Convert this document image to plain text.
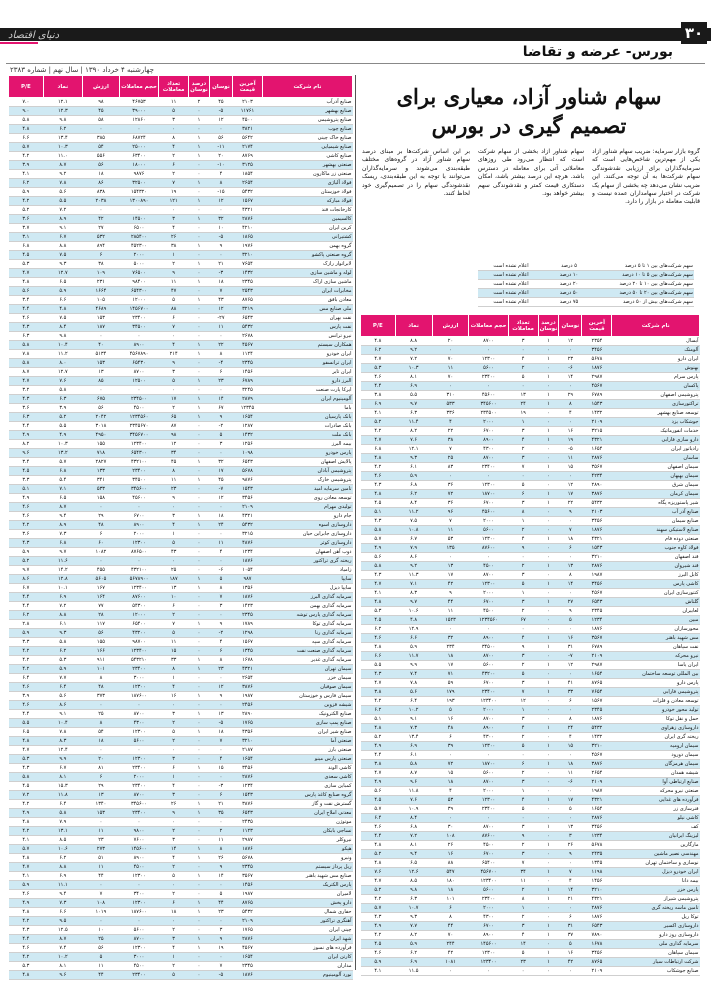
۳۰
دنیای اقتصاد
بورس- عرضه و تقاضا
چهارشنبه ۴ خرداد ۱۳۹۰ | سال نهم | شماره ۲۳۸۳
نام شرکت	آخرین قیمت	نوسان	درصد نوسان	تعداد معاملات	حجم معاملات	ارزش	نماد	P/E
صنایع آذرآب	۲۱۰۳	۴۵	۲	۱۱	۴۶۷۵۳	۹۸	۱۲.۱	۷.۰
صنایع بهشهر	۱۱۷۶۱	۵-	۰	۵	۳۹۰۰۰	۴۵	۱۲.۳	۹.۰
صنایع پتروشیمی	۴۵۰۰	۱۲	۱	۳	۱۲۸۶۰	۵۸	۹.۸	۵.۸
صنایع چوب	۳۸۲۱	۰	۰	۰	۰	۰	۶.۲	۴.۸
صنایع خاک چینی	۵۶۴۲	۵۶	۱	۸	۶۸۷۲۴	۳۸۵	۱۳.۴	۶.۶
صنایع شیمیایی	۲۱۷۴	۱۱-	۱	۴	۲۵۰۰۰	۵۴	۱۰.۳	۵.۷
صنایع کاشی	۸۷۶۹	۲۰	۱	۲	۶۳۴۰۰	۵۵۶	۱۱.۰	۴.۲
صنعتی بهشهر	۳۱۲۵	۱۰-	۰	۶	۱۸۰۰۰	۵۶	۸.۷	۳.۹
صنعتی زر ماکارون	۱۸۵۴	۴	۰	۲	۹۸۷۶	۱۸	۹.۲	۴.۱
فولاد آلیاژی	۲۶۵۴	۸	۱	۷	۳۲۵۰۰	۸۶	۷.۸	۶.۲
فولاد خوزستان	۵۴۳۲	۱۵-	۰	۱۹	۱۵۴۳۲۰	۸۳۸	۵.۶	۵.۹
فولاد مبارکه	۱۵۶۷	۱۲	۱	۱۲۱	۱۳۰۰۸۹۰	۲۰۳۸	۵.۵	۴.۲
کارخانجات قند	۴۳۲۱	۰	۰	۰	۰	۰	۷.۲	۵.۲
کالسیمین	۲۸۷۶	۳۲	۱	۳	۱۴۵۰۰	۴۲	۸.۹	۳.۶
کربن ایران	۴۲۱۰	۱۰	۰	۴	۶۵۰۰	۲۷	۹.۱	۳.۷
کشتیرانی	۱۸۶۵	۵-	۰	۲۶	۲۸۵۴۰۰	۵۳۲	۶.۷	۳.۱
گروه بهمن	۱۹۷۶	۹	۱	۳۸	۴۵۲۳۰۰	۸۹۴	۸.۸	۶.۸
گروه صنعتی پاکشو	۳۲۱۰	۰	۰	۱	۲۰۰۰	۶	۷.۵	۴.۵
لابراتوار رازک	۷۶۵۴	۲۱	۱	۲	۵۰۰۰	۳۸	۹.۳	۵.۳
لوله و ماشین سازی	۱۴۳۲	۳-	۰	۹	۷۶۵۰۰	۱۰۹	۱۲.۷	۴.۷
ماشین سازی اراک	۲۳۴۵	۱۸	۱	۱۱	۹۸۴۰۰	۲۳۱	۶.۵	۴.۸
مخابرات ایران	۲۵۴۳	۷	۰	۴۷	۶۵۴۳۰۰	۱۶۶۴	۵.۹	۵.۶
معادن بافق	۸۷۶۵	۴۳	۱	۵	۱۲۰۰۰	۱۰۵	۶.۶	۳.۴
ملی صنایع مس	۳۲۱۹	۱۲	۰	۸۸	۱۴۵۶۷۰۰	۴۶۸۹	۴.۸	۴.۴
نفت بهران	۶۵۴۳	۲۷-	۰	۶	۲۳۴۰۰	۱۵۳	۷.۵	۴.۶
نفت پارس	۵۴۳۲	۱۱	۰	۷	۳۴۵۰۰	۱۸۷	۸.۴	۴.۳
نیرو ترانس	۲۶۷۸	۰	۰	۰	۰	۰	۹.۸	۶.۳
همکاران سیستم	۴۵۶۷	۲۲	۱	۴	۸۹۰۰	۴۰	۱۰.۴	۵.۸
ایران خودرو	۱۱۲۴	۸	۱	۲۱۴	۴۵۶۷۸۹۰	۵۱۳۴	۱۱.۲	۷.۸
ایران ترانسفو	۲۳۴۵	۴-	۰	۹	۶۵۴۳۰	۱۵۳	۸.۰	۵.۸
ایران تایر	۱۴۵۶	۶	۰	۳	۸۷۰۰	۱۳	۱۲.۷	۸.۷
البرز دارو	۶۷۸۹	۲۳	۱	۵	۱۲۵۰۰	۸۵	۷.۶	۴.۷
ایرکا پارت صنعت	۳۲۴۵	۰	۰	۰	۰	۰	۵.۸	۳.۲
آلومینیوم ایران	۲۸۷۹	۱۴	۱	۱۷	۲۳۴۵۰۰	۶۷۵	۶.۳	۴.۳
باما	۱۲۳۴۵	۶۷	۱	۲	۴۵۰۰	۵۶	۳.۹	۳.۶
بانک پارسیان	۱۶۵۴	۹	۱	۶۵	۱۲۳۴۵۶۰	۲۰۴۲	۵.۲	۶.۳
بانک صادرات	۱۲۸۷	۲-	۰	۸۷	۲۳۴۵۶۷۰	۳۰۱۸	۵.۵	۴.۴
بانک ملت	۱۴۳۲	۵	۰	۹۸	۳۴۵۶۷۰۰	۴۹۵۰	۴.۹	۴.۹
بیمه البرز	۱۲۵۶	۳	۰	۱۲	۱۲۳۴۰۰	۱۵۵	۱۰.۳	۸.۲
پارس خودرو	۱۰۹۸	۰	۰	۳۴	۶۵۴۳۰۰	۷۱۸	۱۳.۲	۹.۶
پالایش اصفهان	۶۵۴۳	۳۲	۱	۴۵	۴۳۲۱۰۰	۲۸۲۷	۵.۷	۳.۴
پتروشیمی آبادان	۵۶۷۸	۱۷	۰	۸	۲۳۴۰۰	۱۳۳	۶.۸	۴.۵
پتروشیمی خارک	۹۸۷۶	۴۵	۱	۱۱	۳۴۵۰۰	۳۴۱	۵.۴	۳.۳
تامین سرمایه امید	۱۵۴۳	۷-	۰	۲۳	۳۴۵۶۰۰	۵۳۳	۷.۱	۵.۱
توسعه معادن روی	۳۴۵۶	۱۲	۰	۹	۴۵۶۰۰	۱۵۸	۶.۵	۴.۹
تولیدی مهرام	۲۱۰۹	۰	۰	۰	۰	۰	۸.۷	۴.۶
جام دارو	۴۳۲۱	۱۸	۱	۳	۶۷۰۰	۲۹	۹.۴	۴.۶
داروسازی اسوه	۵۴۳۲	۲۴	۱	۴	۸۹۰۰	۴۸	۸.۹	۴.۲
داروسازی جابرابن حیان	۳۲۱۵	۰	۰	۱	۲۰۰۰	۶	۷.۳	۳.۶
داروسازی کوثر	۴۸۷۶	۱۱	۰	۵	۱۲۳۰۰	۶۰	۶.۸	۴.۳
ذوب آهن اصفهان	۱۲۳۴	۴	۰	۴۳	۸۷۶۵۰۰	۱۰۸۲	۹.۷	۵.۹
ریخته گری تراکتور	۱۸۷۶	۰	۰	۰	۰	۰	۱۱.۶	۵.۲
زامیاد	۱۰۵۴	۶-	۰	۲۵	۴۳۲۱۰۰	۴۵۵	۱۴.۲	۹.۷
سایپا	۹۸۷	۵	۱	۱۸۷	۵۶۷۸۹۰۰	۵۶۰۵	۱۲.۸	۸.۶
سایپا دیزل	۱۳۵۶	۸	۱	۱۳	۱۲۳۴۰۰	۱۶۷	۱۰.۱	۶.۷
سرمایه گذاری البرز	۱۸۷۶	۷	۰	۱۰	۸۷۶۰۰	۱۶۴	۶.۹	۴.۴
سرمایه گذاری بهمن	۱۴۲۳	۳	۰	۶	۵۴۳۰۰	۷۷	۷.۲	۴.۴
سرمایه گذاری پارس توشه	۲۳۴۵	۰	۰	۲	۱۲۰۰۰	۲۸	۸.۸	۶.۲
سرمایه گذاری توکا	۱۷۸۹	۹	۱	۷	۶۵۴۰۰	۱۱۷	۶.۱	۲.۸
سرمایه گذاری رنا	۱۲۹۸	۲-	۰	۵	۴۳۲۰۰	۵۶	۹.۳	۵.۹
سرمایه گذاری سپه	۱۵۶۷	۴	۰	۱۱	۹۸۷۰۰	۱۵۵	۵.۸	۳.۳
سرمایه گذاری صنعت نفت	۱۳۴۵	۶	۰	۱۵	۱۲۳۴۰۰	۱۶۶	۶.۲	۴.۲
سرمایه گذاری غدیر	۱۶۷۸	۸	۱	۳۳	۵۴۳۲۱۰	۹۱۱	۵.۳	۴.۲
سیمان تهران	۴۳۲۱	۲۳	۱	۸	۲۳۴۰۰	۱۰۱	۵.۹	۴.۲
سیمان خزر	۲۶۵۴	۰	۰	۱	۳۰۰۰	۸	۷.۷	۶.۴
سیمان صوفیان	۳۸۷۶	۱۲	۰	۴	۱۲۳۰۰	۴۸	۶.۴	۴.۶
سیمان فارس و خوزستان	۱۹۸۷	۹	۱	۱۶	۱۸۷۶۰۰	۳۷۳	۵.۶	۳.۹
شیشه قزوین	۲۴۵۶	۰	۰	۰	۰	۰	۸.۶	۴.۶
صنایع الکترونیک	۲۸۹۰	۱۳	۱	۳	۸۷۰۰	۲۵	۹.۱	۴.۴
صنایع پمپ سازی	۱۷۶۵	۵-	۰	۲	۴۳۰۰	۸	۱۰.۴	۵.۵
صنایع شیر ایران	۴۳۵۶	۱۸	۱	۵	۱۲۳۰۰	۵۴	۷.۸	۶.۵
صنعتی آما	۳۲۱۰	۷	۰	۲	۵۶۰۰	۱۸	۸.۳	۴.۸
صنعتی بارز	۲۱۸۷	۰	۰	۰	۰	۰	۱۲.۴	۴.۷
صنعتی پارس مینو	۱۶۵۴	۴	۰	۳	۱۲۳۰۰	۲۰	۹.۹	۵.۳
کاشی الوند	۳۴۵۶	۱۵	۱	۶	۲۳۴۰۰	۸۱	۶.۷	۴.۳
کاشی سعدی	۲۸۷۶	۰	۰	۱	۲۰۰۰	۶	۸.۱	۵.۸
کمباین سازی	۱۲۳۴	۳-	۰	۴	۲۳۴۰۰	۲۹	۱۵.۳	۴.۵
گروه صنایع کاغذ پارس	۱۵۴۳	۶	۰	۳	۸۷۰۰	۱۳	۱۱.۸	۷.۲
گسترش نفت و گاز	۳۸۷۶	۲۱	۱	۲۶	۳۴۵۶۰۰	۱۳۴۰	۶.۴	۴.۲
معدنی املاح ایران	۶۵۴۳	۳۵	۱	۹	۲۳۴۰۰	۱۵۳	۵.۸	۴.۹
موتوژن	۲۴۳۵	۰	۰	۰	۰	۰	۷.۹	۴.۸
نساجی بابکان	۱۱۲۳	۲	۰	۲	۹۸۰۰	۱۱	۱۳.۱	۴.۲
نیروکلر	۲۹۸۷	۱۱	۰	۳	۷۶۰۰	۲۳	۸.۵	۴.۱
هپکو	۱۸۷۶	۸	۱	۱۴	۱۴۵۶۰۰	۲۷۳	۱۰.۶	۵.۷
ونیرو	۵۶۷۸	۲۶	۱	۴	۸۹۰۰	۵۱	۶.۲	۴.۸
ریل پرداز سیستم	۲۳۴۵	۹	۰	۲	۴۵۰۰	۱۱	۸.۸	۴.۷
صنایع مس شهید باهنر	۳۵۶۷	۱۴	۱	۵	۱۲۳۰۰	۴۴	۶.۹	۴.۱
پارس الکتریک	۱۴۵۶	۰	۰	۰	۰	۰	۱۱.۱	۵.۹
لامیران	۱۹۸۷	۵	۰	۲	۳۴۰۰	۷	۹.۴	۴.۶
دارو پخش	۸۷۶۵	۴۴	۱	۶	۱۲۳۰۰	۱۰۸	۷.۳	۴.۹
حفاری شمال	۵۴۳۲	۲۳	۱	۱۸	۱۸۷۶۰۰	۱۰۱۹	۶.۶	۴.۸
آهنگری تراکتور	۲۱۰۹	۰	۰	۰	۰	۰	۹.۵	۴.۲
چینی ایران	۱۷۶۵	۳	۰	۲	۵۶۰۰	۱۰	۱۲.۵	۴.۳
شهد ایران	۲۸۷۶	۹	۱	۳	۸۷۰۰	۲۵	۸.۷	۴.۴
فرآورده های نسوز	۴۵۶۷	۱۹	۱	۴	۱۲۳۰۰	۵۶	۷.۴	۴.۶
کارتن ایران	۱۶۵۴	۰	۰	۱	۳۰۰۰	۵	۱۰.۲	۴.۲
مداران	۲۳۴۵	۷	۰	۲	۴۵۰۰	۱۱	۸.۱	۵.۳
نورد آلومینیوم	۱۸۷۶	۵-	۰	۵	۲۳۴۰۰	۴۴	۹.۶	۴.۸
سهام شناور آزاد، معیاری برای
تصمیم گیری در بورس
گروه بازار سرمایه: ضریب سهام شناور آزاد یکی از مهم‌ترین شاخص‌هایی است که سرمایه‌گذاران برای ارزیابی نقدشوندگی سهام شرکت‌ها به آن توجه می‌کنند. این ضریب نشان می‌دهد چه بخشی از سهام یک شرکت در اختیار سهامداران عمده نیست و قابلیت معامله در بازار را دارد.
سهام شناور آزاد بخشی از سهام شرکت است که انتظار می‌رود طی روزهای معاملاتی آتی برای معامله در دسترس باشد. هرچه این درصد بیشتر باشد، امکان دستکاری قیمت کمتر و نقدشوندگی سهم بیشتر خواهد بود.
بر این اساس شرکت‌ها بر مبنای درصد سهام شناور آزاد در گروه‌های مختلف طبقه‌بندی می‌شوند و سرمایه‌گذاران می‌توانند با توجه به این طبقه‌بندی، ریسک نقدشوندگی سهام را در تصمیم‌گیری خود لحاظ کنند.
سهم شرکت‌های بین ۱ تا ۵ درصد	۵ درصد	اعلام نشده است
سهم شرکت‌های بین ۵ تا ۱۰ درصد	۱۰ درصد	اعلام نشده است
سهم شرکت‌های بین ۱۰ تا ۲۰ درصد	۲۰ درصد	اعلام نشده است
سهم شرکت‌های بین ۲۰ تا ۵۰ درصد	۵۰ درصد	اعلام نشده است
سهم شرکت‌های بیش از ۵۰ درصد	۷۵ درصد	اعلام نشده است
نام شرکت	آخرین قیمت	نوسان	درصد نوسان	تعداد معاملات	حجم معاملات	ارزش	نماد	P/E
آبسال	۲۳۵۴	۱۲	۱	۳	۸۷۰۰	۲۰	۸.۸	۴.۸
آلومتک	۳۴۵۶	۰	۰	۰	۰	۰	۹.۲	۶.۲
ایران دارو	۵۶۷۸	۲۳	۱	۴	۱۲۳۰۰	۷۰	۷.۲	۴.۷
بهنوش	۱۸۷۶	۶-	۰	۲	۵۶۰۰	۱۱	۱۰.۳	۵.۳
پارس سرام	۲۹۸۷	۱۴	۱	۵	۲۳۴۰۰	۷۰	۸.۱	۴.۶
پاکسان	۴۵۶۷	۰	۰	۰	۰	۰	۶.۹	۴.۴
پتروشیمی اصفهان	۶۷۸۹	۲۹	۱	۱۳	۴۵۶۰۰	۳۱۰	۵.۵	۳.۸
تراکتورسازی	۱۵۴۳	۸	۱	۲۴	۳۴۵۶۰۰	۵۳۳	۹.۷	۶.۹
توسعه صنایع بهشهر	۱۴۳۲	۴	۰	۱۹	۲۳۴۵۰۰	۳۳۶	۶.۳	۴.۱
جوشکاب یزد	۲۱۰۹	۰	۰	۱	۲۰۰۰	۴	۱۱.۴	۵.۲
خدمات انفورماتیک	۳۲۱۵	۱۶	۱	۳	۶۷۰۰	۲۲	۸.۲	۴.۲
دارو سازی فارابی	۴۳۲۱	۱۹	۱	۴	۸۹۰۰	۳۸	۷.۶	۴.۷
رادیاتور ایران	۱۶۵۴	۵-	۰	۲	۴۳۰۰	۷	۱۲.۱	۶.۸
ساسان	۲۸۷۶	۱۱	۰	۳	۸۷۰۰	۲۵	۹.۳	۴.۸
سیمان اصفهان	۳۵۶۷	۱۵	۱	۷	۲۳۴۰۰	۸۳	۶.۱	۴.۲
سیمان بهبهان	۴۲۳۴	۰	۰	۰	۰	۰	۵.۹	۴.۶
سیمان شرق	۲۸۹۰	۱۲	۰	۵	۱۲۳۰۰	۳۶	۶.۸	۴.۳
سیمان کرمان	۳۸۷۶	۱۷	۱	۶	۱۸۷۰۰	۷۲	۶.۲	۴.۸
شیر پاستوریزه پگاه	۵۴۳۲	۲۲	۱	۳	۶۷۰۰	۳۶	۸.۴	۴.۵
صنایع آذر آب	۲۱۰۳	۹	۰	۸	۴۵۶۰۰	۹۶	۱۱.۲	۵.۱
صنایع سیمان	۳۴۵۶	۰	۰	۱	۲۰۰۰	۷	۷.۵	۴.۳
صنایع لاستیکی سهند	۱۸۷۶	۷	۰	۲	۵۶۰۰	۱۱	۱۰.۸	۵.۸
صنعتی دوده فام	۴۳۲۱	۱۸	۱	۴	۱۲۳۰۰	۵۳	۶.۷	۵.۷
فولاد کاوه جنوب	۱۵۴۳	۶	۰	۹	۸۷۶۰۰	۱۳۵	۷.۹	۴.۹
قند اصفهان	۳۲۱۰	۰	۰	۰	۰	۰	۸.۶	۵.۶
قند شیروان	۲۸۷۶	۱۳	۱	۲	۴۵۰۰	۱۳	۹.۲	۵.۸
کابل البرز	۱۹۸۷	۸	۰	۳	۸۷۰۰	۱۷	۱۱.۳	۴.۳
کاشی پارس	۳۴۵۶	۱۴	۱	۵	۱۲۳۰۰	۴۲	۷.۱	۴.۷
کنتورسازی ایران	۴۵۶۷	۰	۰	۱	۲۰۰۰	۹	۸.۳	۴.۱
گلتاش	۶۵۴۳	۲۷	۱	۳	۶۷۰۰	۴۴	۹.۷	۴.۸
لعابیران	۲۳۴۵	۹	۰	۲	۴۵۰۰	۱۱	۱۰.۶	۵.۳
مبین	۱۲۳۴	۵	۰	۶۷	۱۲۳۴۵۶۰	۱۵۲۳	۴.۸	۴.۵
محورسازان	۱۸۷۶	۰	۰	۰	۰	۰	۱۲.۹	۶.۲
مس شهید باهنر	۳۵۶۷	۱۶	۱	۴	۸۹۰۰	۳۲	۶.۶	۴.۶
نفت سپاهان	۶۷۸۹	۳۱	۱	۹	۳۴۵۰۰	۲۳۴	۵.۹	۴.۸
نیرو محرکه	۲۱۰۹	۷-	۰	۳	۸۷۰۰	۱۸	۱۱.۷	۶.۶
ایران یاسا	۲۹۸۷	۱۲	۱	۲	۵۶۰۰	۱۷	۹.۹	۵.۵
بین المللی توسعه ساختمان	۱۶۵۴	۰	۰	۵	۴۳۲۰۰	۷۱	۷.۴	۴.۳
پارس دارو	۸۷۶۵	۴۱	۱	۳	۶۷۰۰	۵۹	۷.۸	۴.۷
پتروشیمی فارابی	۷۶۵۴	۳۳	۱	۷	۲۳۴۰۰	۱۷۹	۵.۶	۳.۸
توسعه معادن و فلزات	۱۵۶۷	۶	۰	۱۲	۱۲۳۴۰۰	۱۹۳	۶.۴	۴.۲
تولید محور خودرو	۲۳۴۵	۰	۰	۱	۲۰۰۰	۵	۱۰.۲	۶.۲
حمل و نقل توکا	۱۸۷۶	۸	۰	۳	۸۷۰۰	۱۶	۹.۱	۵.۱
داروسازی زهراوی	۵۴۳۲	۲۴	۱	۴	۸۹۰۰	۴۸	۷.۳	۴.۸
ریخته گری ایران	۱۴۳۲	۴	۰	۲	۴۳۰۰	۶	۱۳.۴	۵.۲
سیمان ارومیه	۳۲۱۰	۱۵	۱	۵	۱۲۳۰۰	۳۹	۶.۹	۴.۹
سیمان دورود	۴۵۶۷	۰	۰	۰	۰	۰	۶.۱	۴.۴
سیمان هرمزگان	۳۸۷۶	۱۸	۱	۶	۱۸۷۰۰	۷۲	۵.۸	۳.۸
شیشه همدان	۲۶۵۴	۱۱	۰	۲	۵۶۰۰	۱۵	۸.۷	۴.۷
صنایع ارتباطی آوا	۲۱۰۹	۶-	۰	۳	۸۷۰۰	۱۸	۹.۶	۴.۹
صنعتی نیرو محرکه	۱۹۸۷	۰	۰	۱	۲۰۰۰	۴	۱۱.۸	۵.۶
فرآورده های غذایی	۴۳۲۱	۱۷	۱	۴	۱۲۳۰۰	۵۳	۷.۶	۴.۵
فنرسازی زر	۱۶۵۴	۵	۰	۵	۲۳۴۰۰	۳۹	۱۰.۹	۵.۷
کاشی نیلو	۲۸۷۶	۰	۰	۰	۰	۰	۸.۴	۶.۴
کف	۳۴۵۶	۱۳	۱	۳	۸۷۰۰	۳۰	۶.۸	۴.۶
لیزینگ ایرانیان	۱۲۳۴	۳	۰	۹	۸۷۶۰۰	۱۰۸	۷.۲	۴.۴
مارگارین	۵۶۷۸	۲۶	۱	۲	۴۵۰۰	۲۶	۸.۱	۴.۸
مهندسی نصیر ماشین	۲۴۳۵	۹	۰	۳	۶۷۰۰	۱۶	۹.۴	۵.۲
نوسازی و ساختمان تهران	۱۳۴۵	۰	۰	۷	۶۵۴۰۰	۸۸	۶.۵	۴.۸
ایران خودرو دیزل	۱۱۹۸	۷	۱	۳۴	۴۵۶۷۰۰	۵۴۷	۱۲.۶	۷.۶
بیمه دانا	۱۴۵۶	۴	۰	۱۱	۱۲۳۴۰۰	۱۸۰	۸.۵	۴.۷
پارس خزر	۳۲۱۰	۱۴	۱	۲	۵۶۰۰	۱۸	۹.۸	۵.۲
پتروشیمی شیراز	۴۳۲۱	۲۱	۱	۸	۲۳۴۰۰	۱۰۱	۶.۳	۴.۲
تامین ماسه ریخته گری	۲۸۷۶	۰	۰	۱	۲۰۰۰	۶	۱۰.۷	۵.۷
توکا ریل	۱۸۷۶	۶	۰	۲	۴۳۰۰	۸	۹.۳	۴.۳
داروسازی اکسیر	۶۵۴۳	۳۱	۱	۳	۶۷۰۰	۴۴	۷.۷	۴.۹
داروسازی روز دارو	۷۸۹۰	۳۷	۱	۴	۸۹۰۰	۷۰	۸.۲	۴.۲
سرمایه گذاری ملی	۱۶۷۸	۵	۰	۱۴	۱۴۵۶۰۰	۲۴۴	۵.۹	۴.۵
سیمان سپاهان	۳۴۵۶	۱۶	۱	۵	۱۲۳۰۰	۴۲	۶.۲	۴.۶
شرکت ارتباطات سیار	۸۷۶۵	۴۲	۱	۲۳	۱۲۳۴۰۰	۱۰۸۱	۶.۹	۵.۹
صنایع جوشکاب	۲۱۰۹	۰	۰	۰	۰	۰	۱۱.۵	۴.۱
